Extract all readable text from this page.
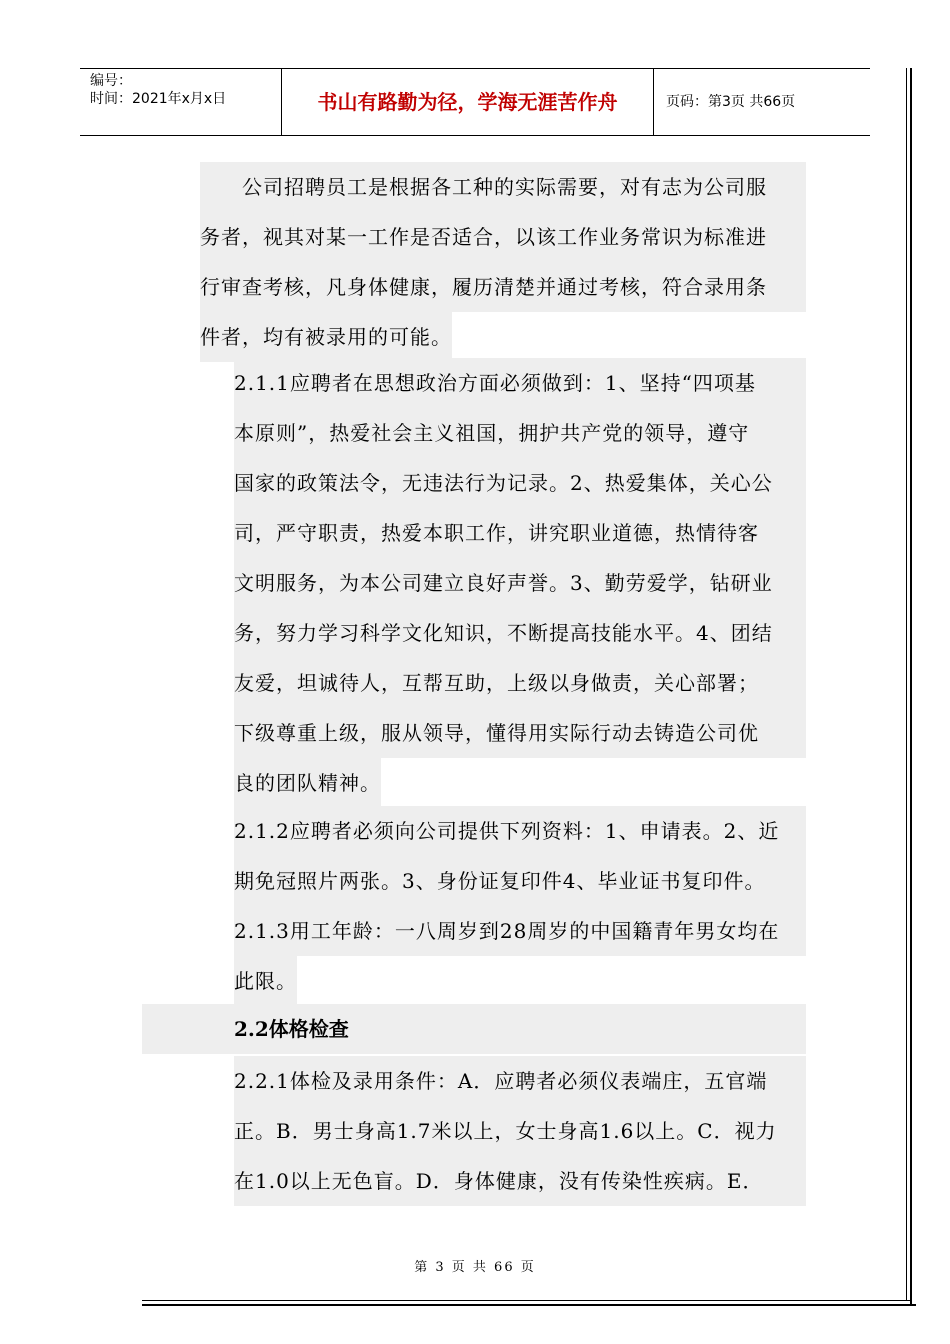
编号：
时间：2021年x月x日	书山有路勤为径，学海无涯苦作舟	页码：第3页 共66页
　　公司招聘员工是根据各工种的实际需要，对有志为公司服
务者，视其对某一工作是否适合，以该工作业务常识为标准进
行审查考核，凡身体健康，履历清楚并通过考核，符合录用条
件者，均有被录用的可能。
2.1.1应聘者在思想政治方面必须做到：1、坚持“四项基
本原则”，热爱社会主义祖国，拥护共产党的领导，遵守
国家的政策法令，无违法行为记录。2、热爱集体，关心公
司，严守职责，热爱本职工作，讲究职业道德，热情待客
文明服务，为本公司建立良好声誉。3、勤劳爱学，钻研业
务，努力学习科学文化知识，不断提高技能水平。4、团结
友爱，坦诚待人，互帮互助，上级以身做责，关心部署；
下级尊重上级，服从领导，懂得用实际行动去铸造公司优
良的团队精神。
2.1.2应聘者必须向公司提供下列资料：1、申请表。2、近
期免冠照片两张。3、身份证复印件4、毕业证书复印件。
2.1.3用工年龄：一八周岁到28周岁的中国籍青年男女均在
此限。
2.2体格检查
2.2.1体检及录用条件：A．应聘者必须仪表端庄，五官端
正。B．男士身高1.7米以上，女士身高1.6以上。C．视力
在1.0以上无色盲。D．身体健康，没有传染性疾病。E．
第 3 页 共 66 页
